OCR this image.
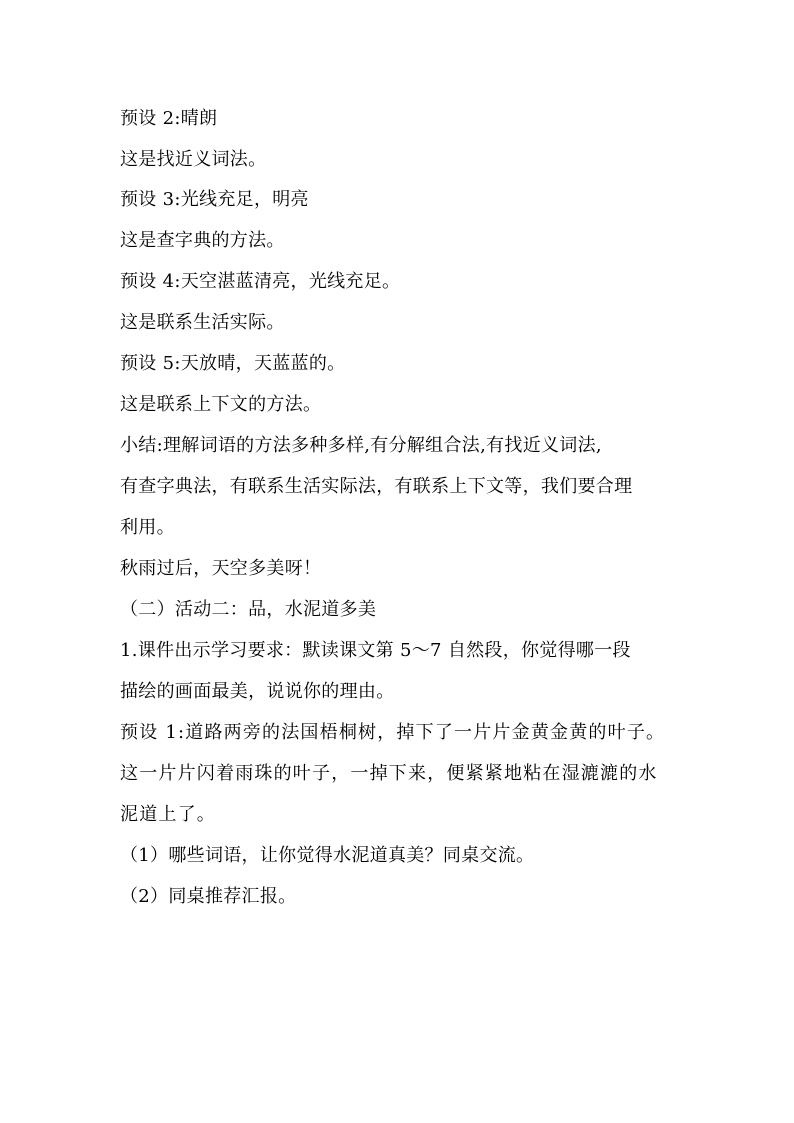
预设 2:晴朗
这是找近义词法。
预设 3:光线充足，明亮
这是查字典的方法。
预设 4:天空湛蓝清亮，光线充足。
这是联系生活实际。
预设 5:天放晴，天蓝蓝的。
这是联系上下文的方法。
小结:理解词语的方法多种多样,有分解组合法,有找近义词法,
有查字典法，有联系生活实际法，有联系上下文等，我们要合理
利用。
秋雨过后，天空多美呀！
（二）活动二：品，水泥道多美
1.课件出示学习要求：默读课文第 5～7 自然段，你觉得哪一段
描绘的画面最美，说说你的理由。
预设 1:道路两旁的法国梧桐树，掉下了一片片金黄金黄的叶子。
这一片片闪着雨珠的叶子，一掉下来，便紧紧地粘在湿漉漉的水
泥道上了。
（1）哪些词语，让你觉得水泥道真美？同桌交流。
（2）同桌推荐汇报。
